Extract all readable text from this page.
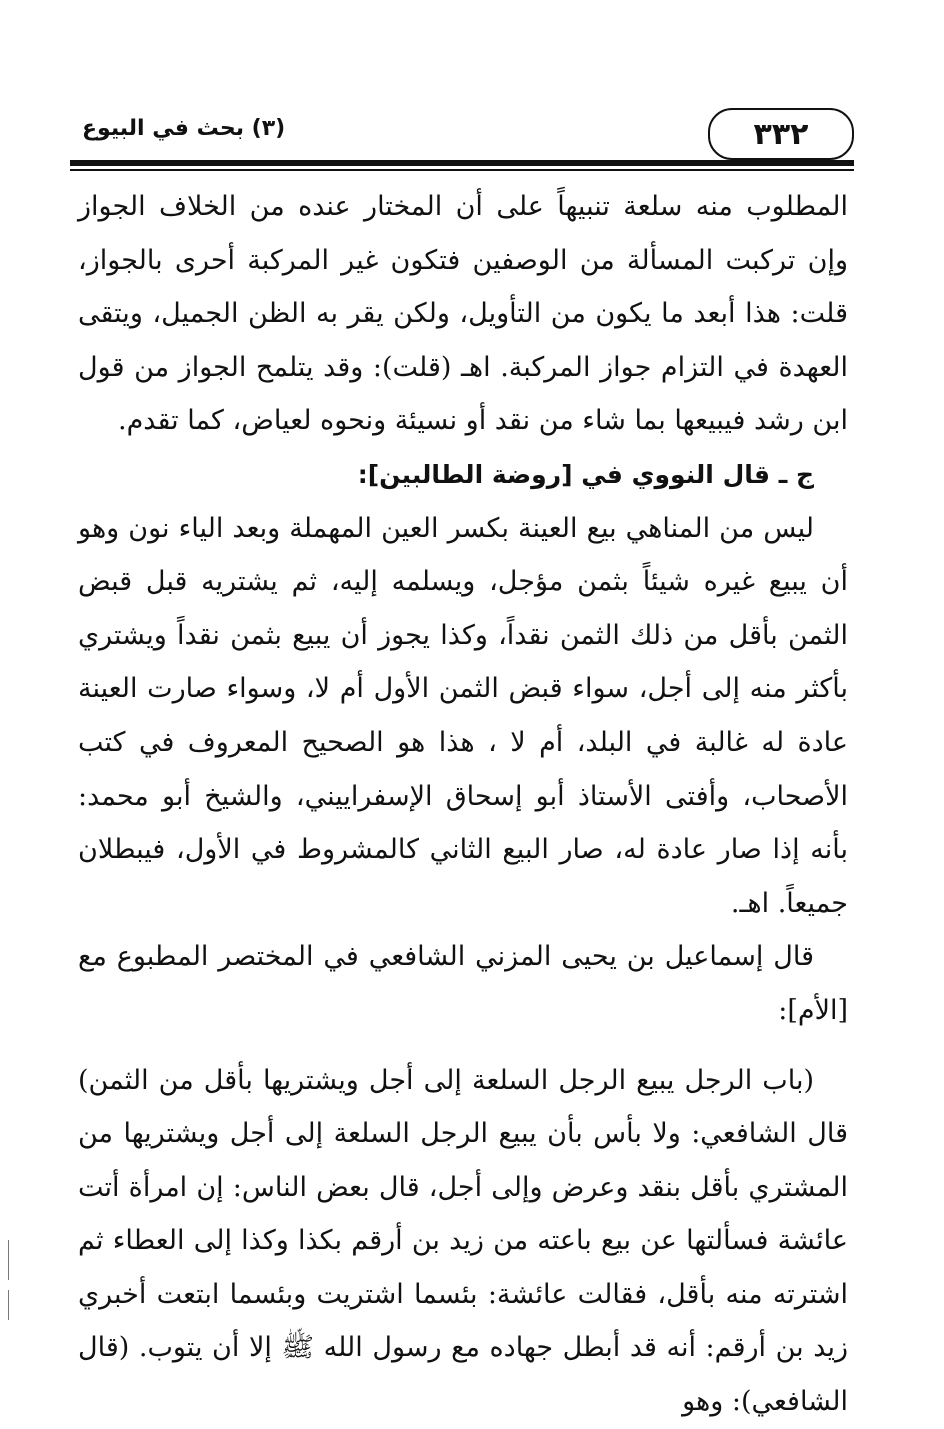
٣٣٢
(٣) بحث في البيوع

المطلوب منه سلعة تنبيهاً على أن المختار عنده من الخلاف الجواز وإن تركبت المسألة من الوصفين فتكون غير المركبة أحرى بالجواز، قلت: هذا أبعد ما يكون من التأويل، ولكن يقر به الظن الجميل، ويتقى العهدة في التزام جواز المركبة. اهـ (قلت): وقد يتلمح الجواز من قول ابن رشد فيبيعها بما شاء من نقد أو نسيئة ونحوه لعياض، كما تقدم.

ج ـ قال النووي في [روضة الطالبين]:

ليس من المناهي بيع العينة بكسر العين المهملة وبعد الياء نون وهو أن يبيع غيره شيئاً بثمن مؤجل، ويسلمه إليه، ثم يشتريه قبل قبض الثمن بأقل من ذلك الثمن نقداً، وكذا يجوز أن يبيع بثمن نقداً ويشتري بأكثر منه إلى أجل، سواء قبض الثمن الأول أم لا، وسواء صارت العينة عادة له غالبة في البلد، أم لا ، هذا هو الصحيح المعروف في كتب الأصحاب، وأفتى الأستاذ أبو إسحاق الإسفراييني، والشيخ أبو محمد: بأنه إذا صار عادة له، صار البيع الثاني كالمشروط في الأول، فيبطلان جميعاً. اهـ.

قال إسماعيل بن يحيى المزني الشافعي في المختصر المطبوع مع [الأم]:

(باب الرجل يبيع الرجل السلعة إلى أجل ويشتريها بأقل من الثمن) قال الشافعي: ولا بأس بأن يبيع الرجل السلعة إلى أجل ويشتريها من المشتري بأقل بنقد وعرض وإلى أجل، قال بعض الناس: إن امرأة أتت عائشة فسألتها عن بيع باعته من زيد بن أرقم بكذا وكذا إلى العطاء ثم اشترته منه بأقل، فقالت عائشة: بئسما اشتريت وبئسما ابتعت أخبري زيد بن أرقم: أنه قد أبطل جهاده مع رسول الله ﷺ إلا أن يتوب. (قال الشافعي): وهو
